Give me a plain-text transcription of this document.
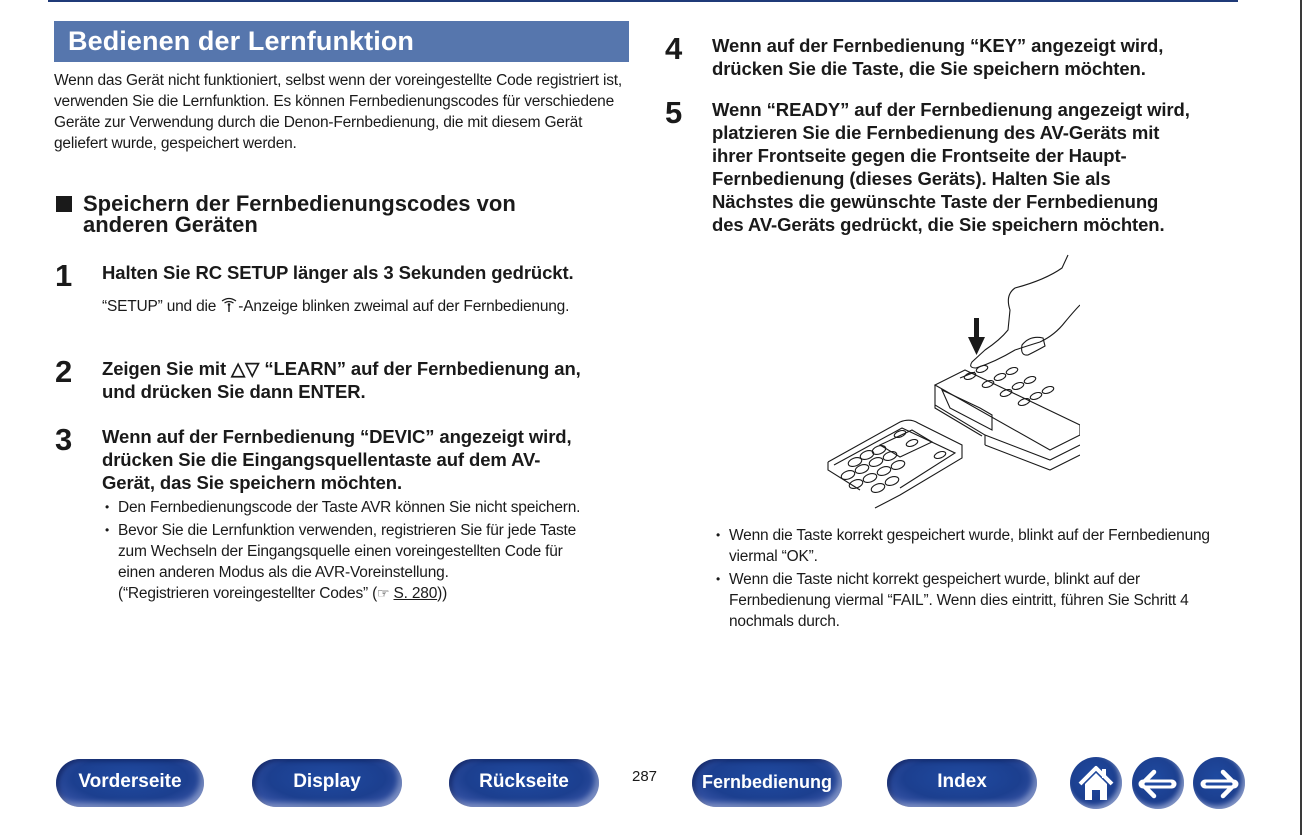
Bedienen der Lernfunktion
Wenn das Gerät nicht funktioniert, selbst wenn der voreingestellte Code registriert ist, verwenden Sie die Lernfunktion. Es können Fernbedienungscodes für verschiedene Geräte zur Verwendung durch die Denon-Fernbedienung, die mit diesem Gerät geliefert wurde, gespeichert werden.
Speichern der Fernbedienungscodes von
anderen Geräten
1 Halten Sie RC SETUP länger als 3 Sekunden gedrückt.
“SETUP” und die -Anzeige blinken zweimal auf der Fernbedienung.
2 Zeigen Sie mit △▽ “LEARN” auf der Fernbedienung an,
und drücken Sie dann ENTER.
3 Wenn auf der Fernbedienung “DEVIC” angezeigt wird,
drücken Sie die Eingangsquellentaste auf dem AV-
Gerät, das Sie speichern möchten.
• Den Fernbedienungscode der Taste AVR können Sie nicht speichern.
• Bevor Sie die Lernfunktion verwenden, registrieren Sie für jede Taste zum Wechseln der Eingangsquelle einen voreingestellten Code für einen anderen Modus als die AVR-Voreinstellung.
(“Registrieren voreingestellter Codes” (☞ S. 280))
4 Wenn auf der Fernbedienung “KEY” angezeigt wird,
drücken Sie die Taste, die Sie speichern möchten.
5 Wenn “READY” auf der Fernbedienung angezeigt wird,
platzieren Sie die Fernbedienung des AV-Geräts mit
ihrer Frontseite gegen die Frontseite der Haupt-
Fernbedienung (dieses Geräts). Halten Sie als
Nächstes die gewünschte Taste der Fernbedienung
des AV-Geräts gedrückt, die Sie speichern möchten.
• Wenn die Taste korrekt gespeichert wurde, blinkt auf der Fernbedienung viermal “OK”.
• Wenn die Taste nicht korrekt gespeichert wurde, blinkt auf der Fernbedienung viermal “FAIL”. Wenn dies eintritt, führen Sie Schritt 4 nochmals durch.
Vorderseite	Display	Rückseite	287	Fernbedienung	Index
